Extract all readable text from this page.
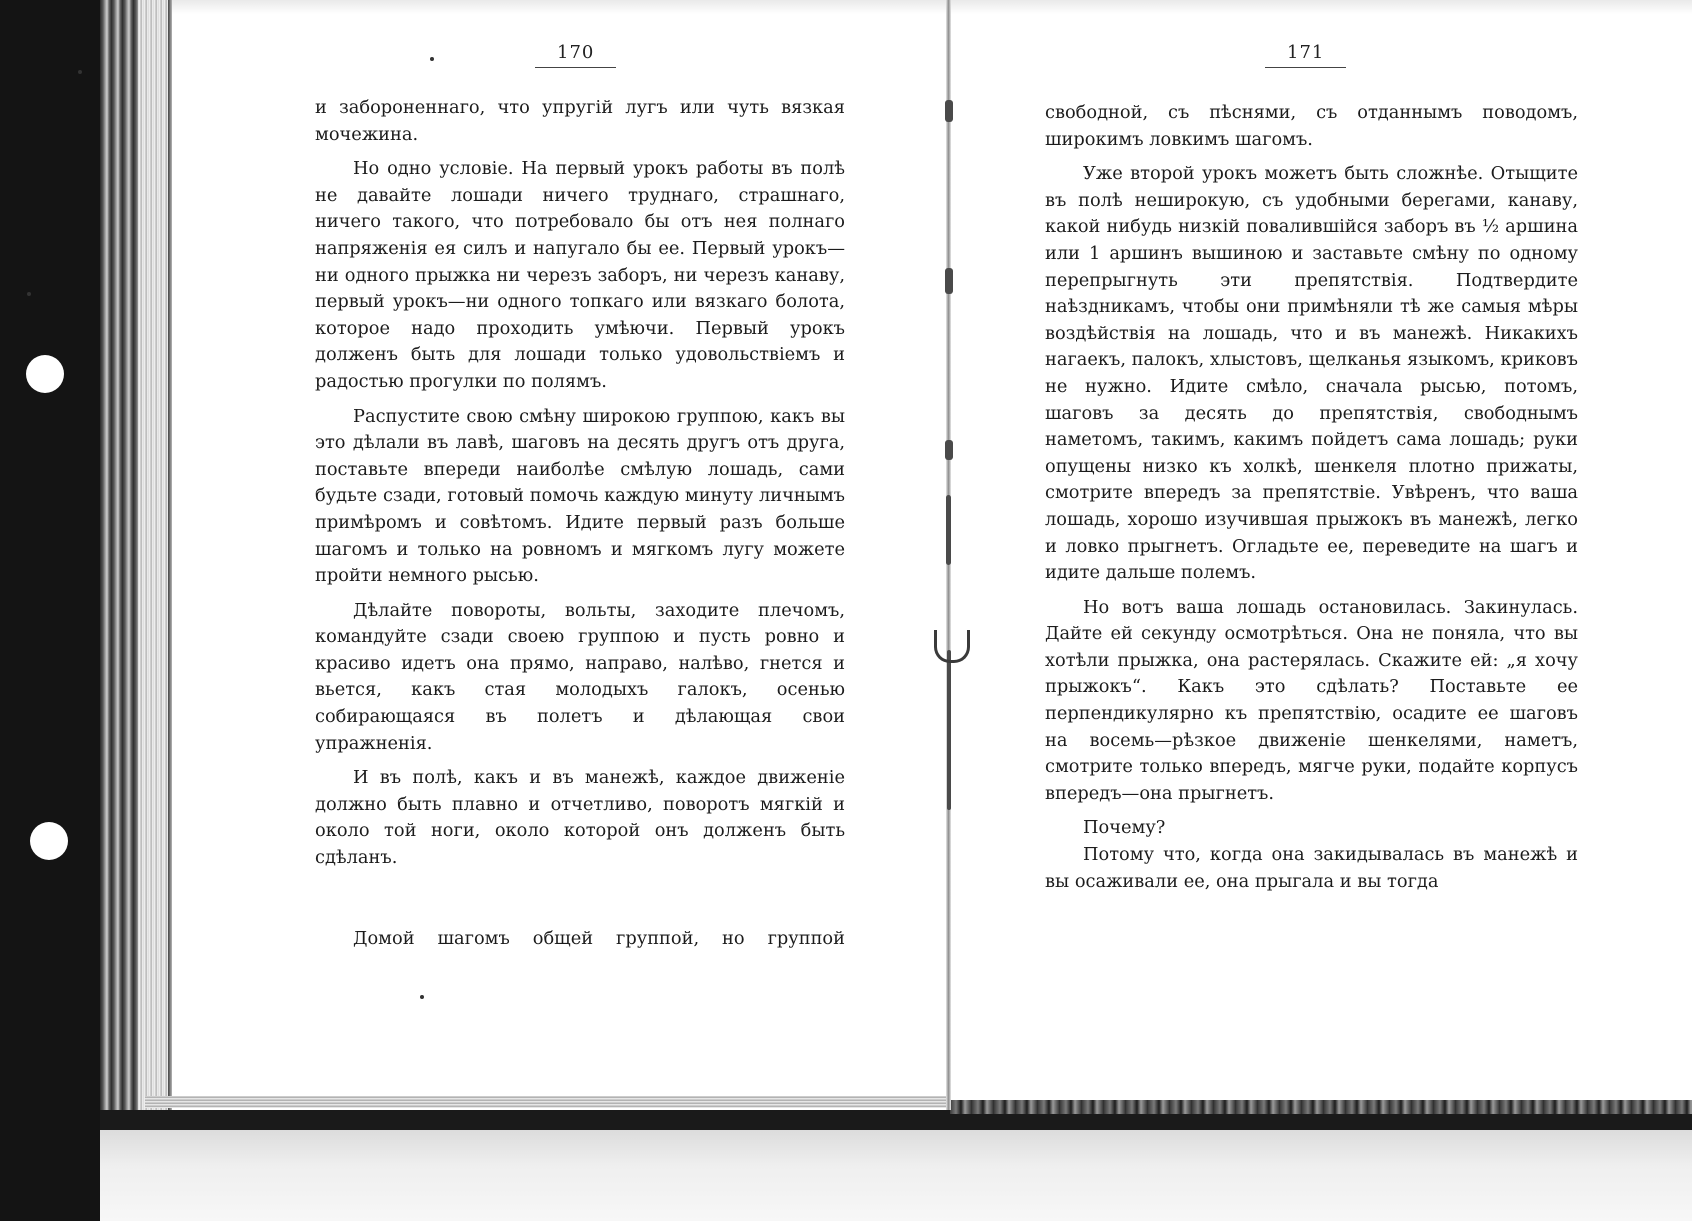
170

и забороненнаго, что упругій лугъ или чуть вязкая мочежина.

Но одно условіе. На первый урокъ работы въ полѣ не давайте лошади ничего труднаго, страшнаго, ничего такого, что потребовало бы отъ нея полнаго напряженія ея силъ и напугало бы ее. Первый урокъ—ни одного прыжка ни черезъ заборъ, ни черезъ канаву, первый урокъ—ни одного топкаго или вязкаго болота, которое надо проходить умѣючи. Первый урокъ долженъ быть для лошади только удовольствіемъ и радостью прогулки по полямъ.

Распустите свою смѣну широкою группою, какъ вы это дѣлали въ лавѣ, шаговъ на десять другъ отъ друга, поставьте впереди наиболѣе смѣлую лошадь, сами будьте сзади, готовый помочь каждую минуту личнымъ примѣромъ и совѣтомъ. Идите первый разъ больше шагомъ и только на ровномъ и мягкомъ лугу можете пройти немного рысью.

Дѣлайте повороты, вольты, заходите плечомъ, командуйте сзади своею группою и пусть ровно и красиво идетъ она прямо, направо, налѣво, гнется и вьется, какъ стая молодыхъ галокъ, осенью собирающаяся въ полетъ и дѣлающая свои упражненія.

И въ полѣ, какъ и въ манежѣ, каждое движеніе должно быть плавно и отчетливо, поворотъ мягкій и около той ноги, около которой онъ долженъ быть сдѣланъ.

Домой шагомъ общей группой, но группой
171

свободной, съ пѣснями, съ отданнымъ поводомъ, широкимъ ловкимъ шагомъ.

Уже второй урокъ можетъ быть сложнѣе. Отыщите въ полѣ неширокую, съ удобными берегами, канаву, какой нибудь низкій повалившійся заборъ въ ½ аршина или 1 аршинъ вышиною и заставьте смѣну по одному перепрыгнуть эти препятствія. Подтвердите наѣздникамъ, чтобы они примѣняли тѣ же самыя мѣры воздѣйствія на лошадь, что и въ манежѣ. Никакихъ нагаекъ, палокъ, хлыстовъ, щелканья языкомъ, криковъ не нужно. Идите смѣло, сначала рысью, потомъ, шаговъ за десять до препятствія, свободнымъ наметомъ, такимъ, какимъ пойдетъ сама лошадь; руки опущены низко къ холкѣ, шенкеля плотно прижаты, смотрите впередъ за препятствіе. Увѣренъ, что ваша лошадь, хорошо изучившая прыжокъ въ манежѣ, легко и ловко прыгнетъ. Огладьте ее, переведите на шагъ и идите дальше полемъ.

Но вотъ ваша лошадь остановилась. Закинулась. Дайте ей секунду осмотрѣться. Она не поняла, что вы хотѣли прыжка, она растерялась. Скажите ей: „я хочу прыжокъ“. Какъ это сдѣлать? Поставьте ее перпендикулярно къ препятствію, осадите ее шаговъ на восемь—рѣзкое движеніе шенкелями, наметъ, смотрите только впередъ, мягче руки, подайте корпусъ впередъ—она прыгнетъ.

Почему?

Потому что, когда она закидывалась въ манежѣ и вы осаживали ее, она прыгала и вы тогда
